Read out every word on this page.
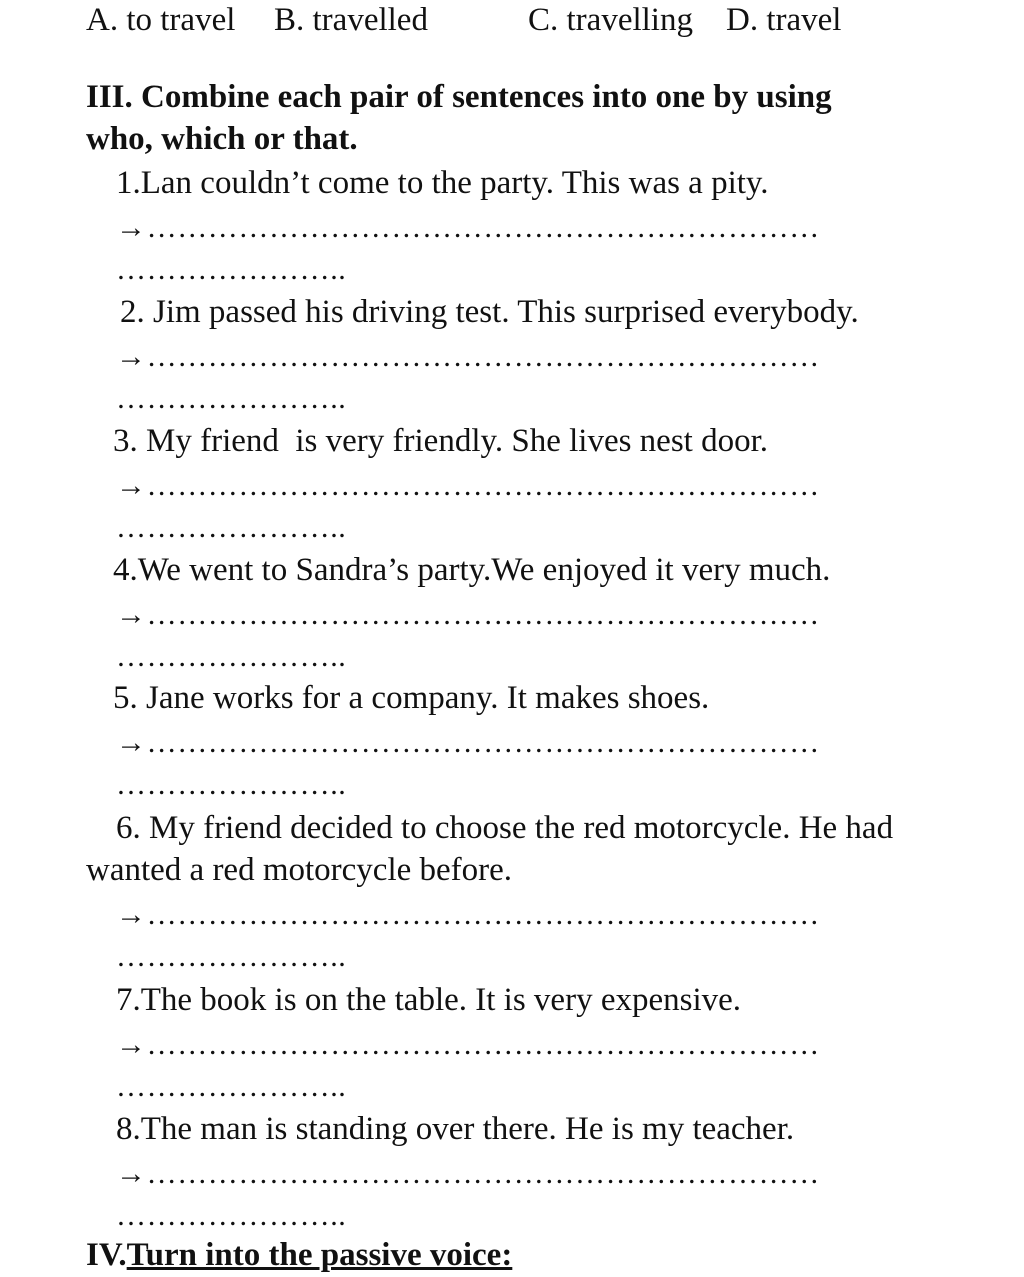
A. to travel B. travelled	C. travelling D. travel
III. Combine each pair of sentences into one by using
who, which or that.
1.Lan couldn’t come to the party. This was a pity.
→…………………………………………………………
…………………..
2. Jim passed his driving test. This surprised everybody.
→…………………………………………………………
…………………..
3. My friend  is very friendly. She lives nest door.
→…………………………………………………………
…………………..
4.We went to Sandra’s party.We enjoyed it very much.
→…………………………………………………………
…………………..
5. Jane works for a company. It makes shoes.
→…………………………………………………………
…………………..
6. My friend decided to choose the red motorcycle. He had
wanted a red motorcycle before.
→…………………………………………………………
…………………..
7.The book is on the table. It is very expensive.
→…………………………………………………………
…………………..
8.The man is standing over there. He is my teacher.
→…………………………………………………………
…………………..
IV.Turn into the passive voice:
